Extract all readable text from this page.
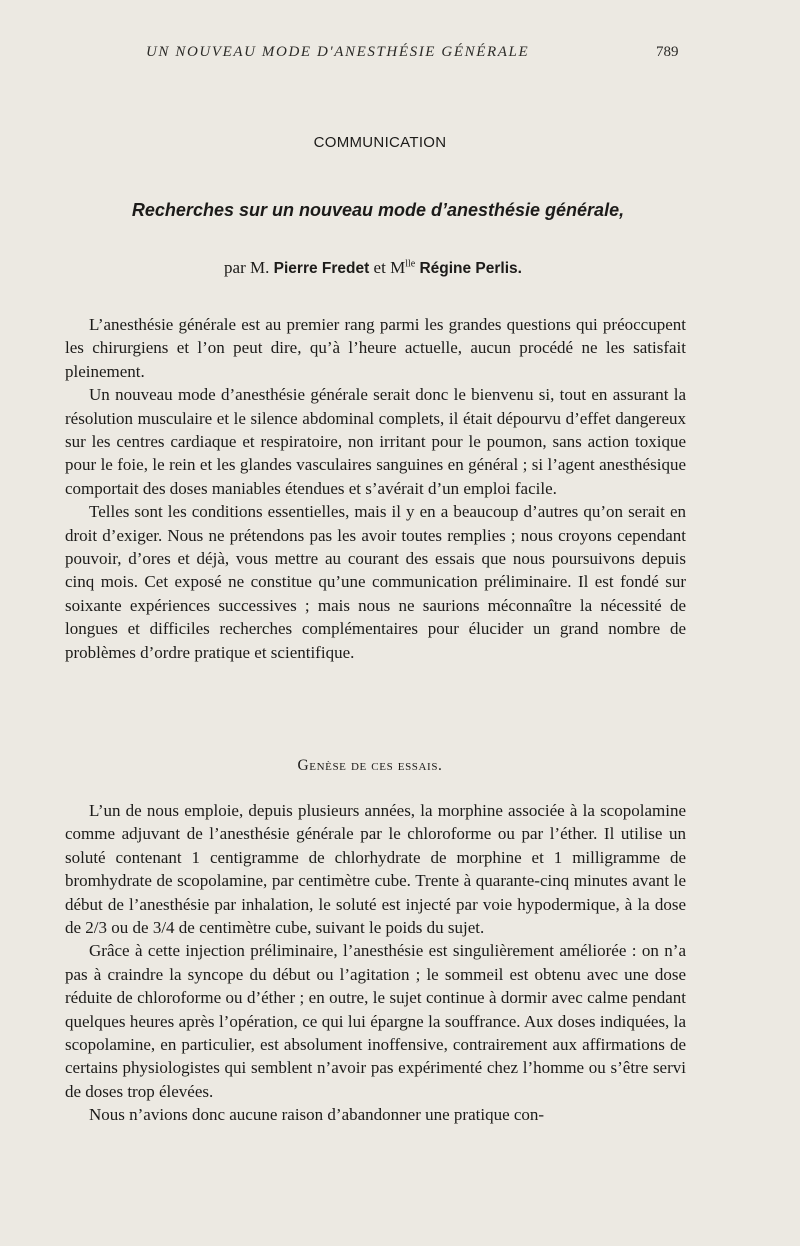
UN NOUVEAU MODE D'ANESTHÉSIE GÉNÉRALE	789
COMMUNICATION
Recherches sur un nouveau mode d’anesthésie générale,
par M. Pierre Fredet et $M^{lle}$ Régine Perlis.

L’anesthésie générale est au premier rang parmi les grandes questions qui préoccupent les chirurgiens et l’on peut dire, qu’à l’heure actuelle, aucun procédé ne les satisfait pleinement.

Un nouveau mode d’anesthésie générale serait donc le bienvenu si, tout en assurant la résolution musculaire et le silence abdominal complets, il était dépourvu d’effet dangereux sur les centres cardiaque et respiratoire, non irritant pour le poumon, sans action toxique pour le foie, le rein et les glandes vasculaires sanguines en général ; si l’agent anesthésique comportait des doses maniables étendues et s’avérait d’un emploi facile.

Telles sont les conditions essentielles, mais il y en a beaucoup d’autres qu’on serait en droit d’exiger. Nous ne prétendons pas les avoir toutes remplies ; nous croyons cependant pouvoir, d’ores et déjà, vous mettre au courant des essais que nous poursuivons depuis cinq mois. Cet exposé ne constitue qu’une communication préliminaire. Il est fondé sur soixante expériences successives ; mais nous ne saurions méconnaître la nécessité de longues et difficiles recherches complémentaires pour élucider un grand nombre de problèmes d’ordre pratique et scientifique.

Genèse de ces essais.

L’un de nous emploie, depuis plusieurs années, la morphine associée à la scopolamine comme adjuvant de l’anesthésie générale par le chloroforme ou par l’éther. Il utilise un soluté contenant 1 centigramme de chlorhydrate de morphine et 1 milligramme de bromhydrate de scopolamine, par centimètre cube. Trente à quarante-cinq minutes avant le début de l’anesthésie par inhalation, le soluté est injecté par voie hypodermique, à la dose de 2/3 ou de 3/4 de centimètre cube, suivant le poids du sujet.

Grâce à cette injection préliminaire, l’anesthésie est singulièrement améliorée : on n’a pas à craindre la syncope du début ou l’agitation ; le sommeil est obtenu avec une dose réduite de chloroforme ou d’éther ; en outre, le sujet continue à dormir avec calme pendant quelques heures après l’opération, ce qui lui épargne la souffrance. Aux doses indiquées, la scopolamine, en particulier, est absolument inoffensive, contrairement aux affirmations de certains physiologistes qui semblent n’avoir pas expérimenté chez l’homme ou s’être servi de doses trop élevées.

Nous n’avions donc aucune raison d’abandonner une pratique con-
